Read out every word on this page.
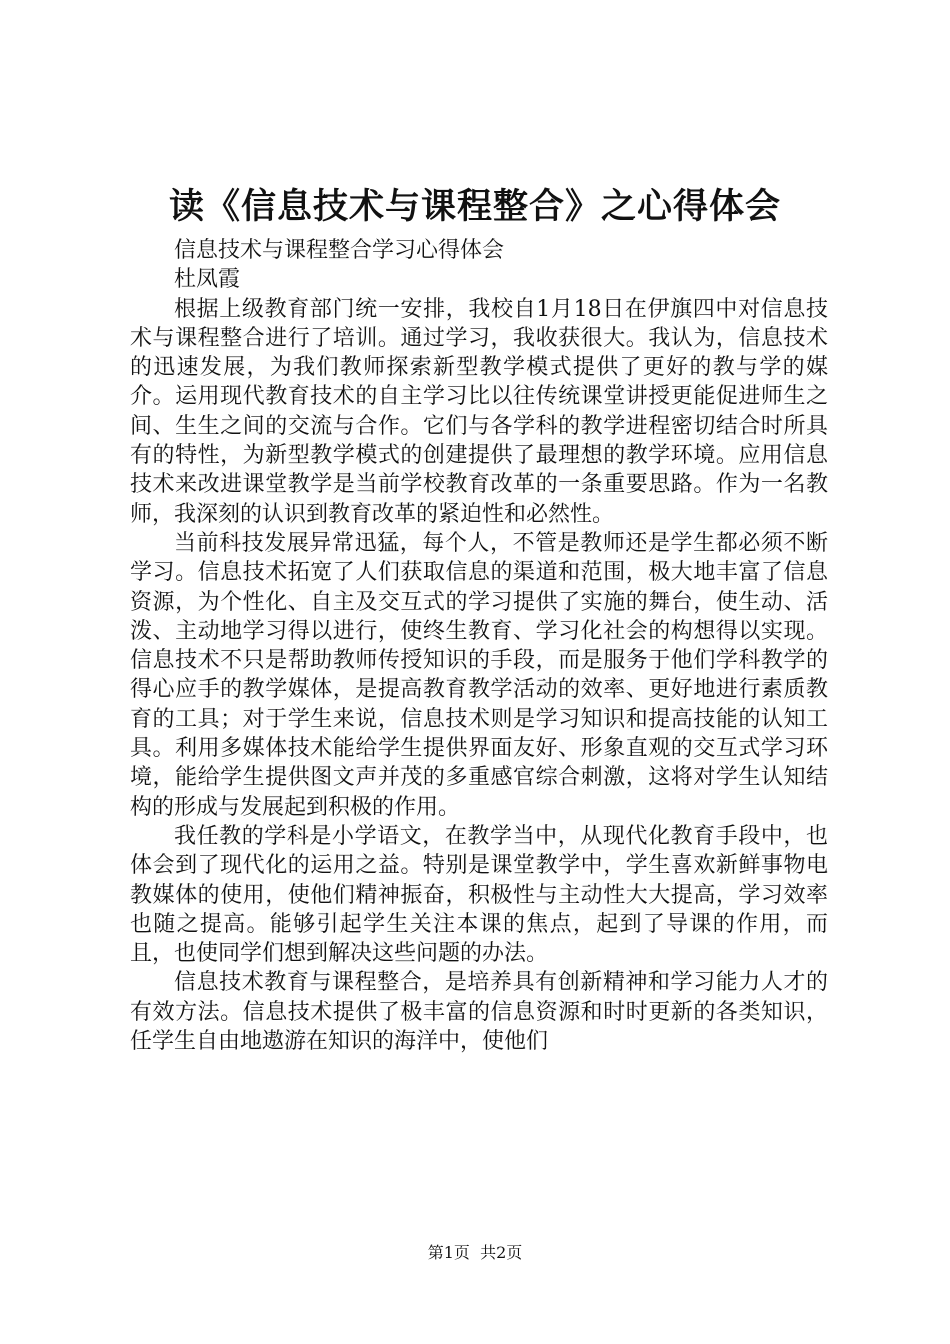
读《信息技术与课程整合》之心得体会

信息技术与课程整合学习心得体会

杜凤霞

根据上级教育部门统一安排，我校自1月18日在伊旗四中对信息技术与课程整合进行了培训。通过学习，我收获很大。我认为，信息技术的迅速发展，为我们教师探索新型教学模式提供了更好的教与学的媒介。运用现代教育技术的自主学习比以往传统课堂讲授更能促进师生之间、生生之间的交流与合作。它们与各学科的教学进程密切结合时所具有的特性，为新型教学模式的创建提供了最理想的教学环境。应用信息技术来改进课堂教学是当前学校教育改革的一条重要思路。作为一名教师，我深刻的认识到教育改革的紧迫性和必然性。

当前科技发展异常迅猛，每个人，不管是教师还是学生都必须不断学习。信息技术拓宽了人们获取信息的渠道和范围，极大地丰富了信息资源，为个性化、自主及交互式的学习提供了实施的舞台，使生动、活泼、主动地学习得以进行，使终生教育、学习化社会的构想得以实现。信息技术不只是帮助教师传授知识的手段，而是服务于他们学科教学的得心应手的教学媒体，是提高教育教学活动的效率、更好地进行素质教育的工具；对于学生来说，信息技术则是学习知识和提高技能的认知工具。利用多媒体技术能给学生提供界面友好、形象直观的交互式学习环境，能给学生提供图文声并茂的多重感官综合刺激，这将对学生认知结构的形成与发展起到积极的作用。

我任教的学科是小学语文，在教学当中，从现代化教育手段中，也体会到了现代化的运用之益。特别是课堂教学中，学生喜欢新鲜事物电教媒体的使用，使他们精神振奋，积极性与主动性大大提高，学习效率也随之提高。能够引起学生关注本课的焦点，起到了导课的作用，而且，也使同学们想到解决这些问题的办法。

信息技术教育与课程整合，是培养具有创新精神和学习能力人才的有效方法。信息技术提供了极丰富的信息资源和时时更新的各类知识，任学生自由地遨游在知识的海洋中，使他们

第1页 共2页
